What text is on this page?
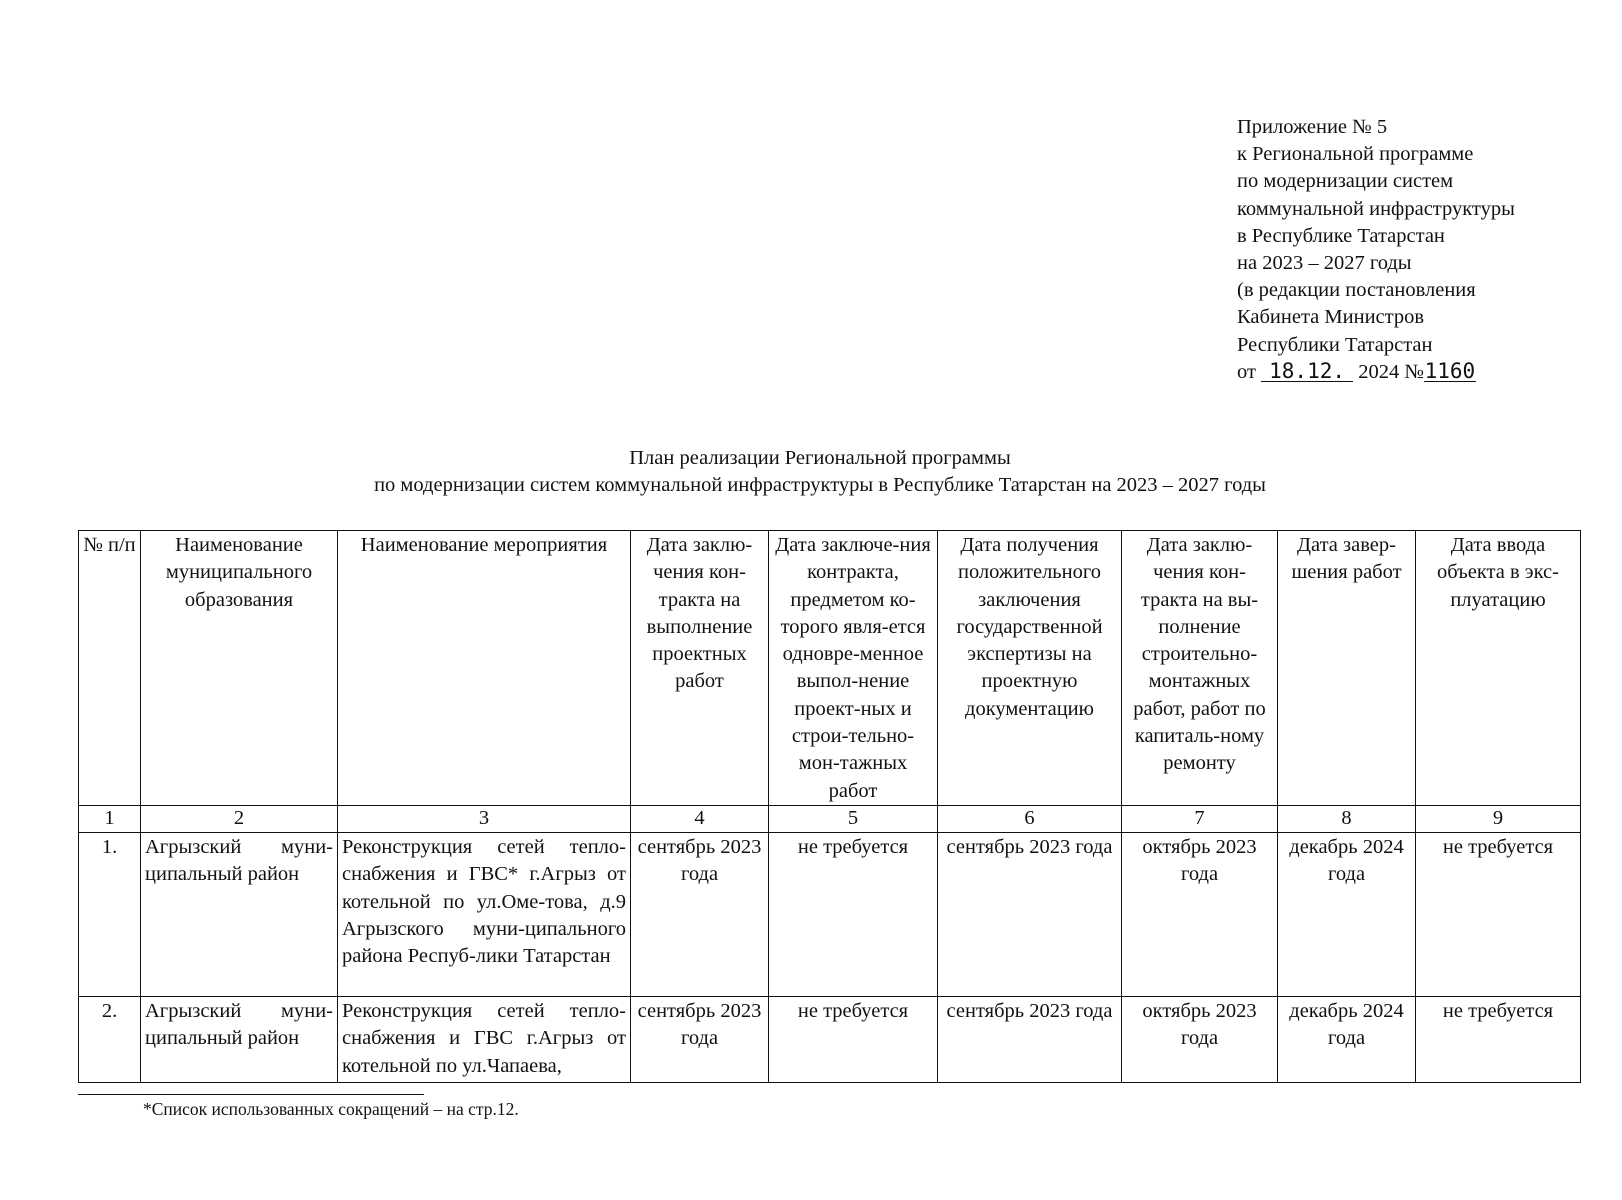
Приложение № 5
к Региональной программе
по модернизации систем
коммунальной инфраструктуры
в Республике Татарстан
на 2023 – 2027 годы
(в редакции постановления
Кабинета Министров
Республики Татарстан
от 18.12. 2024 №1160
План реализации Региональной программы
по модернизации систем коммунальной инфраструктуры в Республике Татарстан на 2023 – 2027 годы
№ п/п	Наименование муниципального образования	Наименование мероприятия	Дата заклю-чения кон-тракта на выполнение проектных работ	Дата заключе-ния контракта, предметом ко-торого явля-ется одновре-менное выпол-нение проект-ных и строи-тельно-мон-тажных работ	Дата получения положительного заключения государственной экспертизы на проектную документацию	Дата заклю-чения кон-тракта на вы-полнение строительно-монтажных работ, работ по капиталь-ному ремонту	Дата завер-шения работ	Дата ввода объекта в экс-плуатацию
1	2	3	4	5	6	7	8	9
1.	Агрызский муни-ципальный район	Реконструкция сетей тепло-снабжения и ГВС* г.Агрыз от котельной по ул.Оме-това, д.9 Агрызского муни-ципального района Респуб-лики Татарстан	сентябрь 2023 года	не требуется	сентябрь 2023 года	октябрь 2023 года	декабрь 2024 года	не требуется
2.	Агрызский муни-ципальный район	Реконструкция сетей тепло-снабжения и ГВС г.Агрыз от котельной по ул.Чапаева,	сентябрь 2023 года	не требуется	сентябрь 2023 года	октябрь 2023 года	декабрь 2024 года	не требуется
*Список использованных сокращений – на стр.12.
